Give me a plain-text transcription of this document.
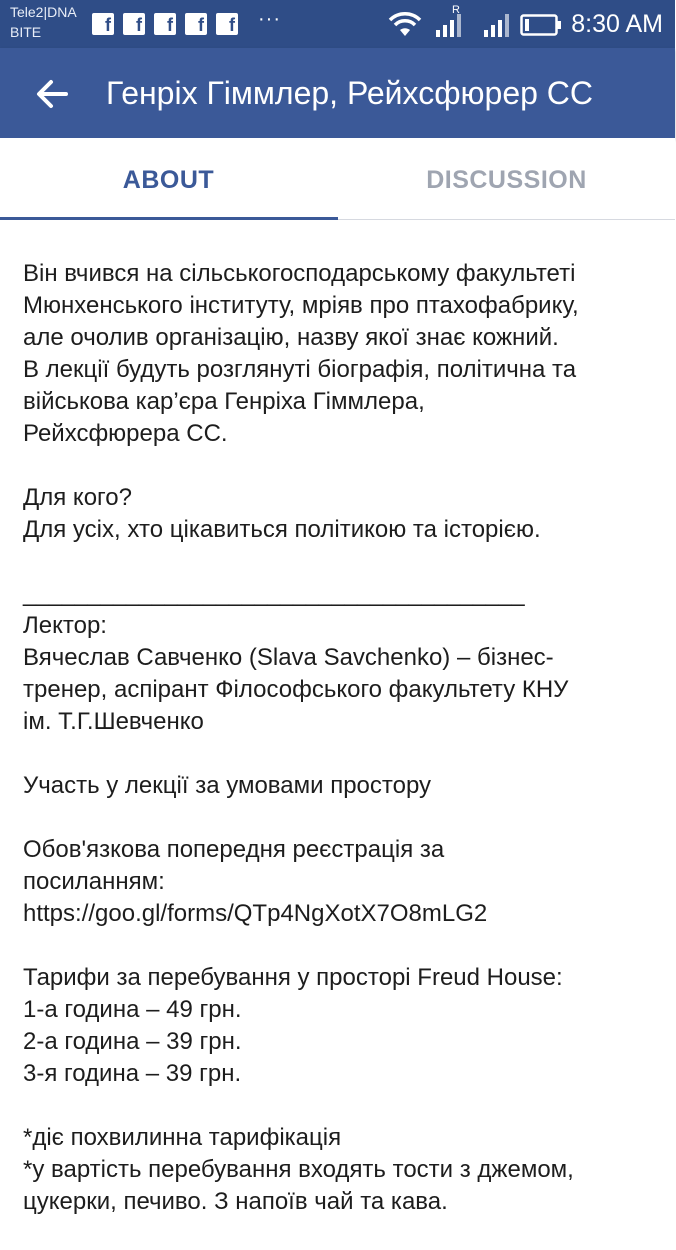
Tele2|DNA
BITE	f	f	f	f	f ···	R	8:30 AM
Генріх Гіммлер, Рейхсфюрер СС
ABOUT	DISCUSSION

Він вчився на сільськогосподарському факультеті
Мюнхенського інституту, мріяв про птахофабрику,
але очолив організацію, назву якої знає кожний.
В лекції будуть розглянуті біографія, політична та
військова кар’єра Генріха Гіммлера,
Рейхсфюрера СС.

Для кого?
Для усіх, хто цікавиться політикою та історією.

_______________________________________

Лектор:
Вячеслав Савченко (Slava Savchenko) – бізнес-
тренер, аспірант Філософського факультету КНУ
ім. Т.Г.Шевченко

Участь у лекції за умовами простору

Обов'язкова попередня реєстрація за
посиланням:
https://goo.gl/forms/QTp4NgXotX7O8mLG2

Тарифи за перебування у просторі Freud House:
1-а година – 49 грн.
2-а година – 39 грн.
3-я година – 39 грн.

*діє похвилинна тарифікація
*у вартість перебування входять тости з джемом,
цукерки, печиво. З напоїв чай та кава.
